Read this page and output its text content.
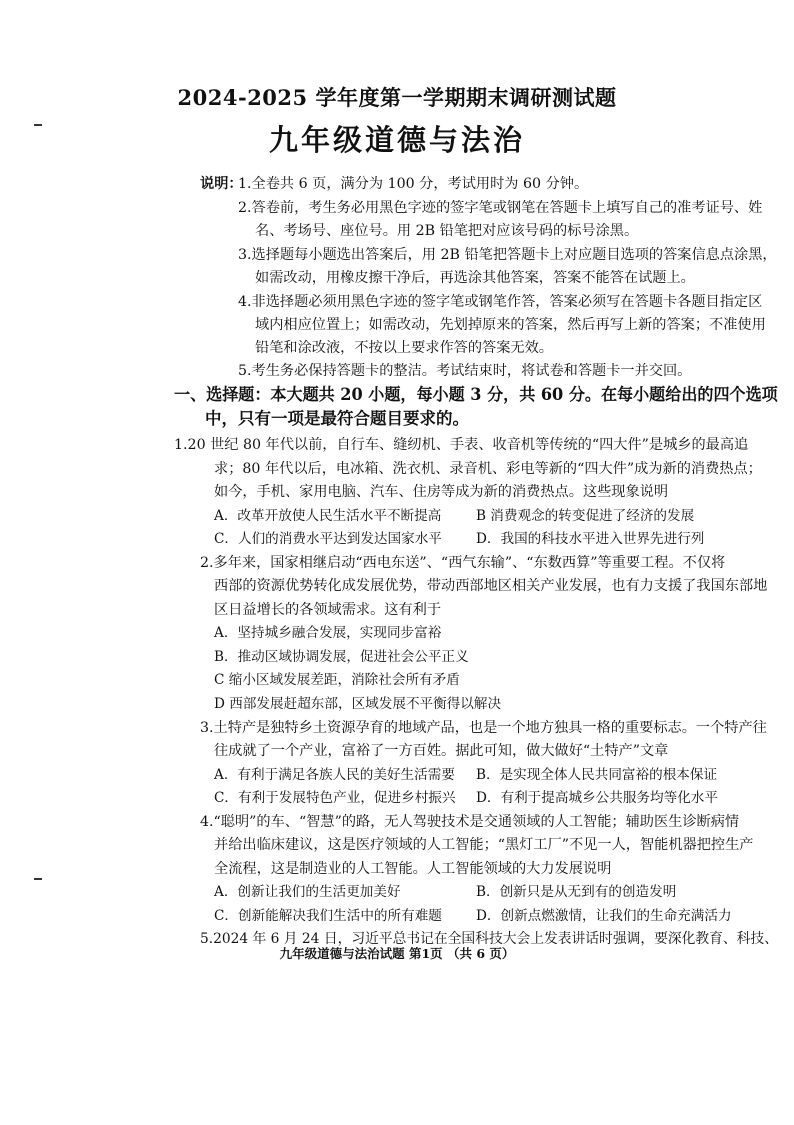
2024-2025 学年度第一学期期末调研测试题
九年级道德与法治
说明：
1.全卷共 6 页，满分为 100 分，考试用时为 60 分钟。
2.答卷前，考生务必用黑色字迹的签字笔或钢笔在答题卡上填写自己的准考证号、姓
名、考场号、座位号。用 2B 铅笔把对应该号码的标号涂黑。
3.选择题每小题选出答案后，用 2B 铅笔把答题卡上对应题目选项的答案信息点涂黑，
如需改动，用橡皮擦干净后，再选涂其他答案，答案不能答在试题上。
4.非选择题必须用黑色字迹的签字笔或钢笔作答，答案必须写在答题卡各题目指定区
域内相应位置上；如需改动，先划掉原来的答案，然后再写上新的答案；不准使用
铅笔和涂改液，不按以上要求作答的答案无效。
5.考生务必保持答题卡的整洁。考试结束时，将试卷和答题卡一并交回。
一、选择题：本大题共 20 小题，每小题 3 分，共 60 分。在每小题给出的四个选项
中，只有一项是最符合题目要求的。
1.20 世纪 80 年代以前，自行车、缝纫机、手表、收音机等传统的“四大件”是城乡的最高追
求；80 年代以后，电冰箱、洗衣机、录音机、彩电等新的“四大件”成为新的消费热点；
如今，手机、家用电脑、汽车、住房等成为新的消费热点。这些现象说明
A．改革开放使人民生活水平不断提高	B 消费观念的转变促进了经济的发展
C．人们的消费水平达到发达国家水平	D．我国的科技水平进入世界先进行列
2.多年来，国家相继启动“西电东送”、“西气东输”、“东数西算”等重要工程。不仅将
西部的资源优势转化成发展优势，带动西部地区相关产业发展，也有力支援了我国东部地
区日益增长的各领域需求。这有利于
A．坚持城乡融合发展，实现同步富裕
B．推动区域协调发展，促进社会公平正义
C 缩小区域发展差距，消除社会所有矛盾
D 西部发展赶超东部，区域发展不平衡得以解决
3.土特产是独特乡土资源孕育的地域产品，也是一个地方独具一格的重要标志。一个特产往
往成就了一个产业，富裕了一方百姓。据此可知，做大做好“土特产”文章
A．有利于满足各族人民的美好生活需要 B．是实现全体人民共同富裕的根本保证
C．有利于发展特色产业，促进乡村振兴 D．有利于提高城乡公共服务均等化水平
4.“聪明”的车、“智慧”的路，无人驾驶技术是交通领域的人工智能；辅助医生诊断病情
并给出临床建议，这是医疗领域的人工智能；“黑灯工厂”不见一人，智能机器把控生产
全流程，这是制造业的人工智能。人工智能领域的大力发展说明
A．创新让我们的生活更加美好	B．创新只是从无到有的创造发明
C．创新能解决我们生活中的所有难题	D．创新点燃激情，让我们的生命充满活力
5.2024 年 6 月 24 日，习近平总书记在全国科技大会上发表讲话时强调，要深化教育、科技、
九年级道德与法治试题 第1页 （共 6 页）
